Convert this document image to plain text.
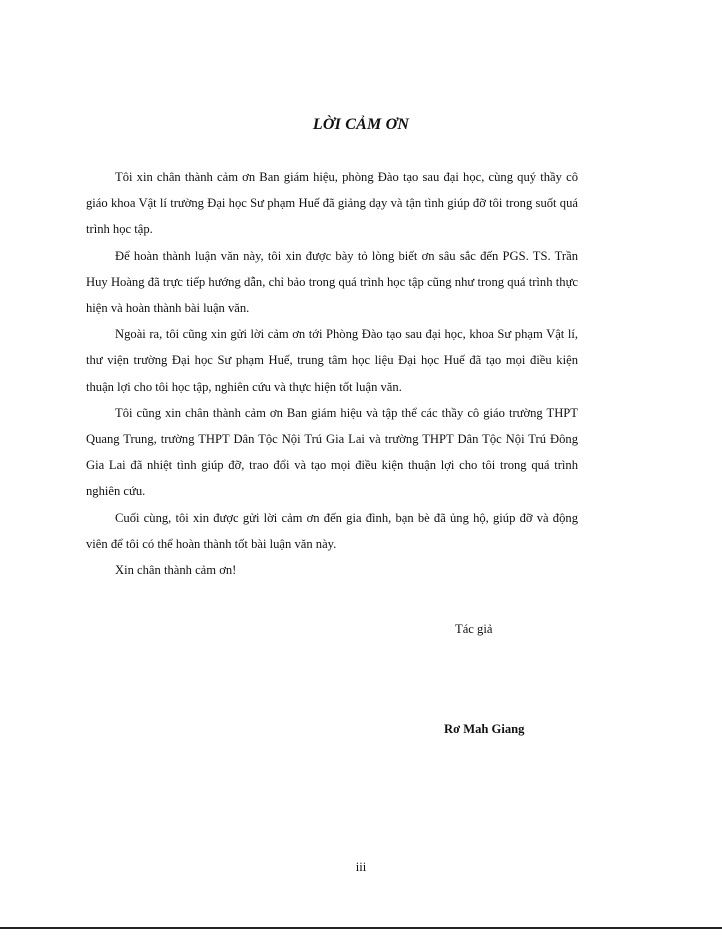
LỜI CẢM ƠN

Tôi xin chân thành cảm ơn Ban giám hiệu, phòng Đào tạo sau đại học, cùng quý thầy cô giáo khoa Vật lí trường Đại học Sư phạm Huế đã giảng dạy và tận tình giúp đỡ tôi trong suốt quá trình học tập.

Để hoàn thành luận văn này, tôi xin được bày tỏ lòng biết ơn sâu sắc đến PGS. TS. Trần Huy Hoàng đã trực tiếp hướng dẫn, chỉ bảo trong quá trình học tập cũng như trong quá trình thực hiện và hoàn thành bài luận văn.

Ngoài ra, tôi cũng xin gửi lời cảm ơn tới Phòng Đào tạo sau đại học, khoa Sư phạm Vật lí, thư viện trường Đại học Sư phạm Huế, trung tâm học liệu Đại học Huế đã tạo mọi điều kiện thuận lợi cho tôi học tập, nghiên cứu và thực hiện tốt luận văn.

Tôi cũng xin chân thành cảm ơn Ban giám hiệu và tập thể các thầy cô giáo trường THPT Quang Trung, trường THPT Dân Tộc Nội Trú Gia Lai và trường THPT Dân Tộc Nội Trú Đông Gia Lai đã nhiệt tình giúp đỡ, trao đổi và tạo mọi điều kiện thuận lợi cho tôi trong quá trình nghiên cứu.

Cuối cùng, tôi xin được gửi lời cảm ơn đến gia đình, bạn bè đã ủng hộ, giúp đỡ và động viên để tôi có thể hoàn thành tốt bài luận văn này.

Xin chân thành cảm ơn!

Tác giả
Rơ Mah Giang
iii
